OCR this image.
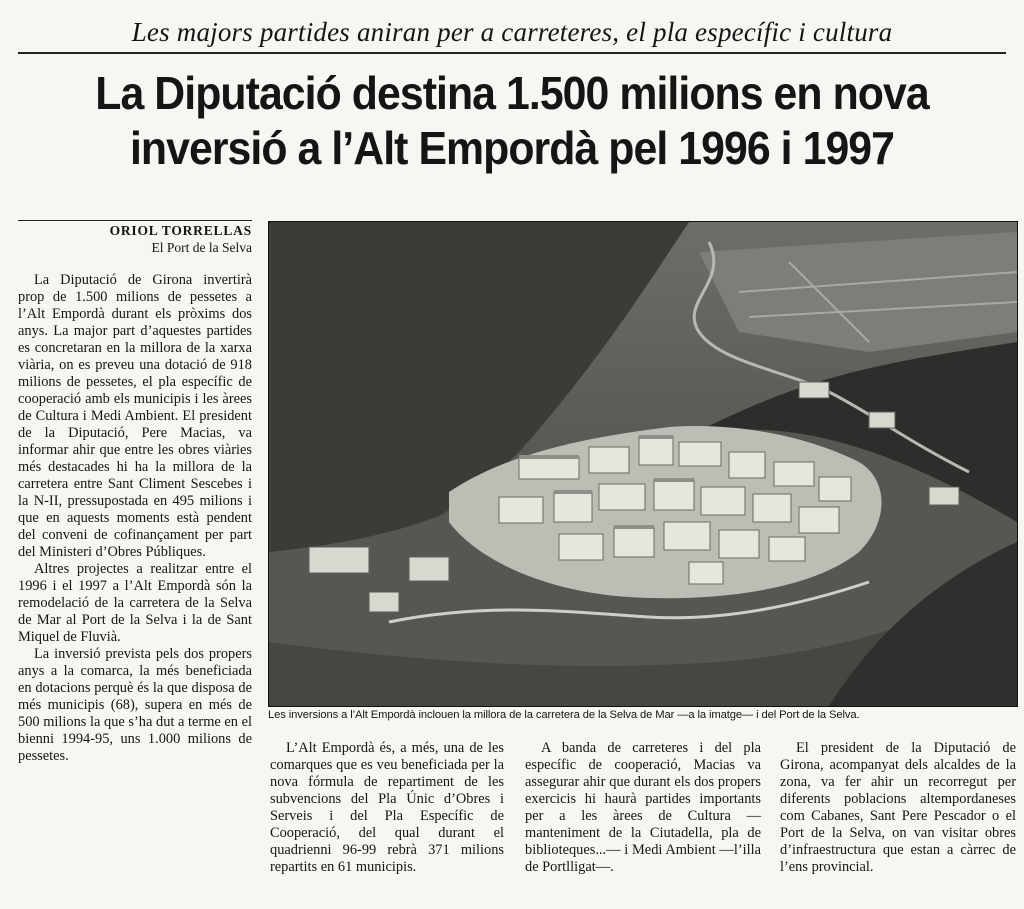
Les majors partides aniran per a carreteres, el pla específic i cultura
La Diputació destina 1.500 milions en nova
inversió a l’Alt Empordà pel 1996 i 1997
ORIOL TORRELLAS
El Port de la Selva

La Diputació de Girona invertirà prop de 1.500 milions de pessetes a l’Alt Empordà durant els pròxims dos anys. La major part d’aquestes partides es concretaran en la millora de la xarxa viària, on es preveu una dotació de 918 milions de pessetes, el pla específic de cooperació amb els municipis i les àrees de Cultura i Medi Ambient. El president de la Diputació, Pere Macias, va informar ahir que entre les obres viàries més destacades hi ha la millora de la carretera entre Sant Climent Sescebes i la N-II, pressupostada en 495 milions i que en aquests moments està pendent del conveni de cofinançament per part del Ministeri d’Obres Públiques.

Altres projectes a realitzar entre el 1996 i el 1997 a l’Alt Empordà són la remodelació de la carretera de la Selva de Mar al Port de la Selva i la de Sant Miquel de Fluvià.

La inversió prevista pels dos propers anys a la comarca, la més beneficiada en dotacions perquè és la que disposa de més municipis (68), supera en més de 500 milions la que s’ha dut a terme en el bienni 1994-95, uns 1.000 milions de pessetes.

Les inversions a l’Alt Empordà inclouen la millora de la carretera de la Selva de Mar —a la imatge— i del Port de la Selva.

L’Alt Empordà és, a més, una de les comarques que es veu beneficiada per la nova fórmula de repartiment de les subvencions del Pla Únic d’Obres i Serveis i del Pla Específic de Cooperació, del qual durant el quadrienni 96-99 rebrà 371 milions repartits en 61 municipis.

A banda de carreteres i del pla específic de cooperació, Macias va assegurar ahir que durant els dos propers exercicis hi haurà partides importants per a les àrees de Cultura —manteniment de la Ciutadella, pla de biblioteques...— i Medi Ambient —l’illa de Portlligat—.

El president de la Diputació de Girona, acompanyat dels alcaldes de la zona, va fer ahir un recorregut per diferents poblacions altempordaneses com Cabanes, Sant Pere Pescador o el Port de la Selva, on van visitar obres d’infraestructura que estan a càrrec de l’ens provincial.
